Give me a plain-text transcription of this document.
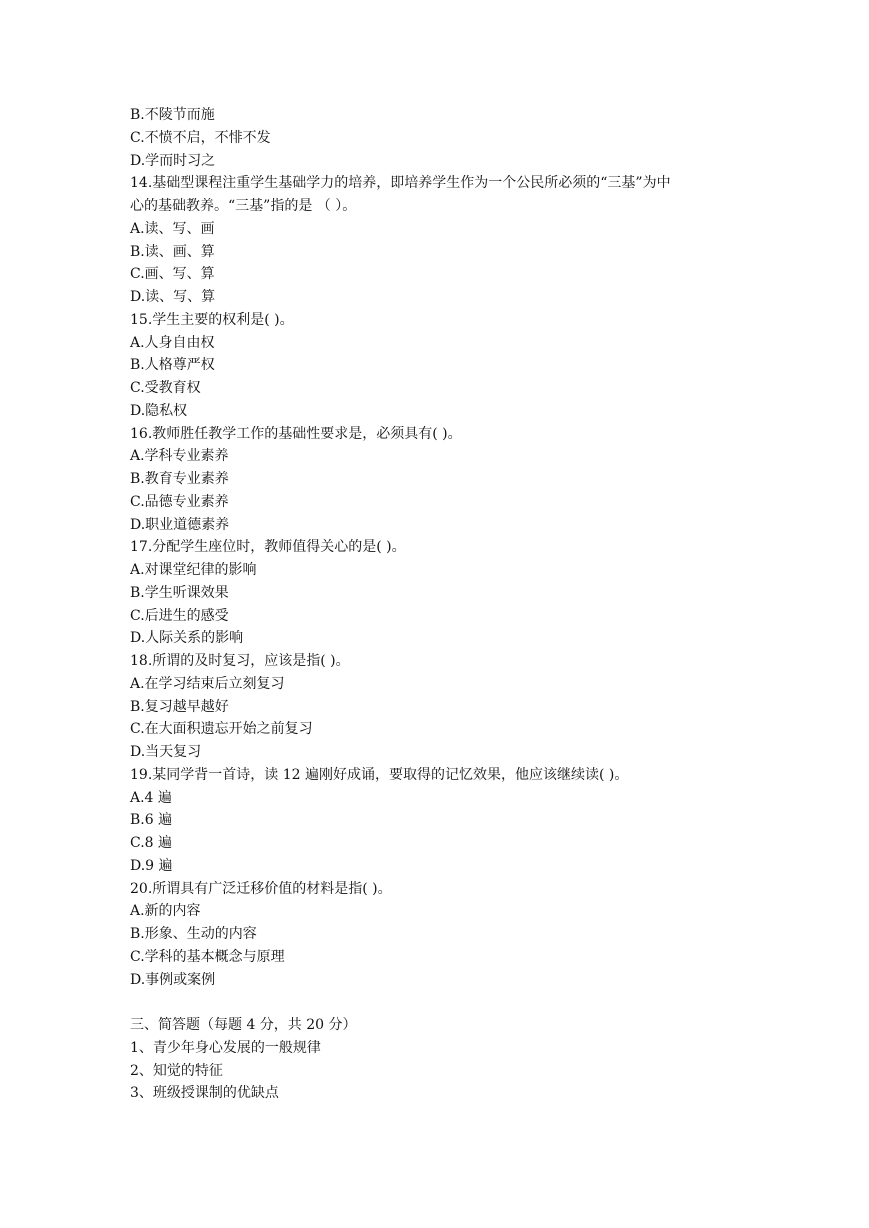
B.不陵节而施
C.不愤不启，不悱不发
D.学而时习之
14.基础型课程注重学生基础学力的培养，即培养学生作为一个公民所必须的“三基”为中
心的基础教养。“三基”指的是 （ ）。
A.读、写、画
B.读、画、算
C.画、写、算
D.读、写、算
15.学生主要的权利是( )。
A.人身自由权
B.人格尊严权
C.受教育权
D.隐私权
16.教师胜任教学工作的基础性要求是，必须具有( )。
A.学科专业素养
B.教育专业素养
C.品德专业素养
D.职业道德素养
17.分配学生座位时，教师值得关心的是( )。
A.对课堂纪律的影响
B.学生听课效果
C.后进生的感受
D.人际关系的影响
18.所谓的及时复习，应该是指( )。
A.在学习结束后立刻复习
B.复习越早越好
C.在大面积遗忘开始之前复习
D.当天复习
19.某同学背一首诗，读 12 遍刚好成诵，要取得的记忆效果，他应该继续读( )。
A.4 遍
B.6 遍
C.8 遍
D.9 遍
20.所谓具有广泛迁移价值的材料是指( )。
A.新的内容
B.形象、生动的内容
C.学科的基本概念与原理
D.事例或案例
三、简答题（每题 4 分，共 20 分）
1、青少年身心发展的一般规律
2、知觉的特征
3、班级授课制的优缺点
